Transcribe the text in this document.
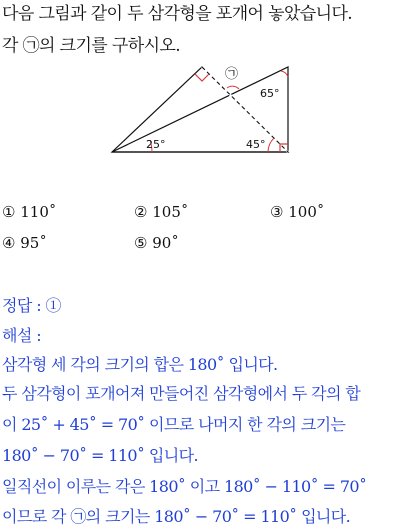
다음 그림과 같이 두 삼각형을 포개어 놓았습니다.
각 ㉠의 크기를 구하시오.
㉠
65°
25°	45°
① 110˚	② 105˚	③ 100˚
④ 95˚	⑤ 90˚
정답 : ①
해설 :
삼각형 세 각의 크기의 합은 180˚ 입니다.
두 삼각형이 포개어져 만들어진 삼각형에서 두 각의 합
이 25˚ + 45˚ = 70˚ 이므로 나머지 한 각의 크기는
180˚ − 70˚ = 110˚ 입니다.
일직선이 이루는 각은 180˚ 이고 180˚ − 110˚ = 70˚
이므로 각 ㉠의 크기는 180˚ − 70˚ = 110˚ 입니다.
